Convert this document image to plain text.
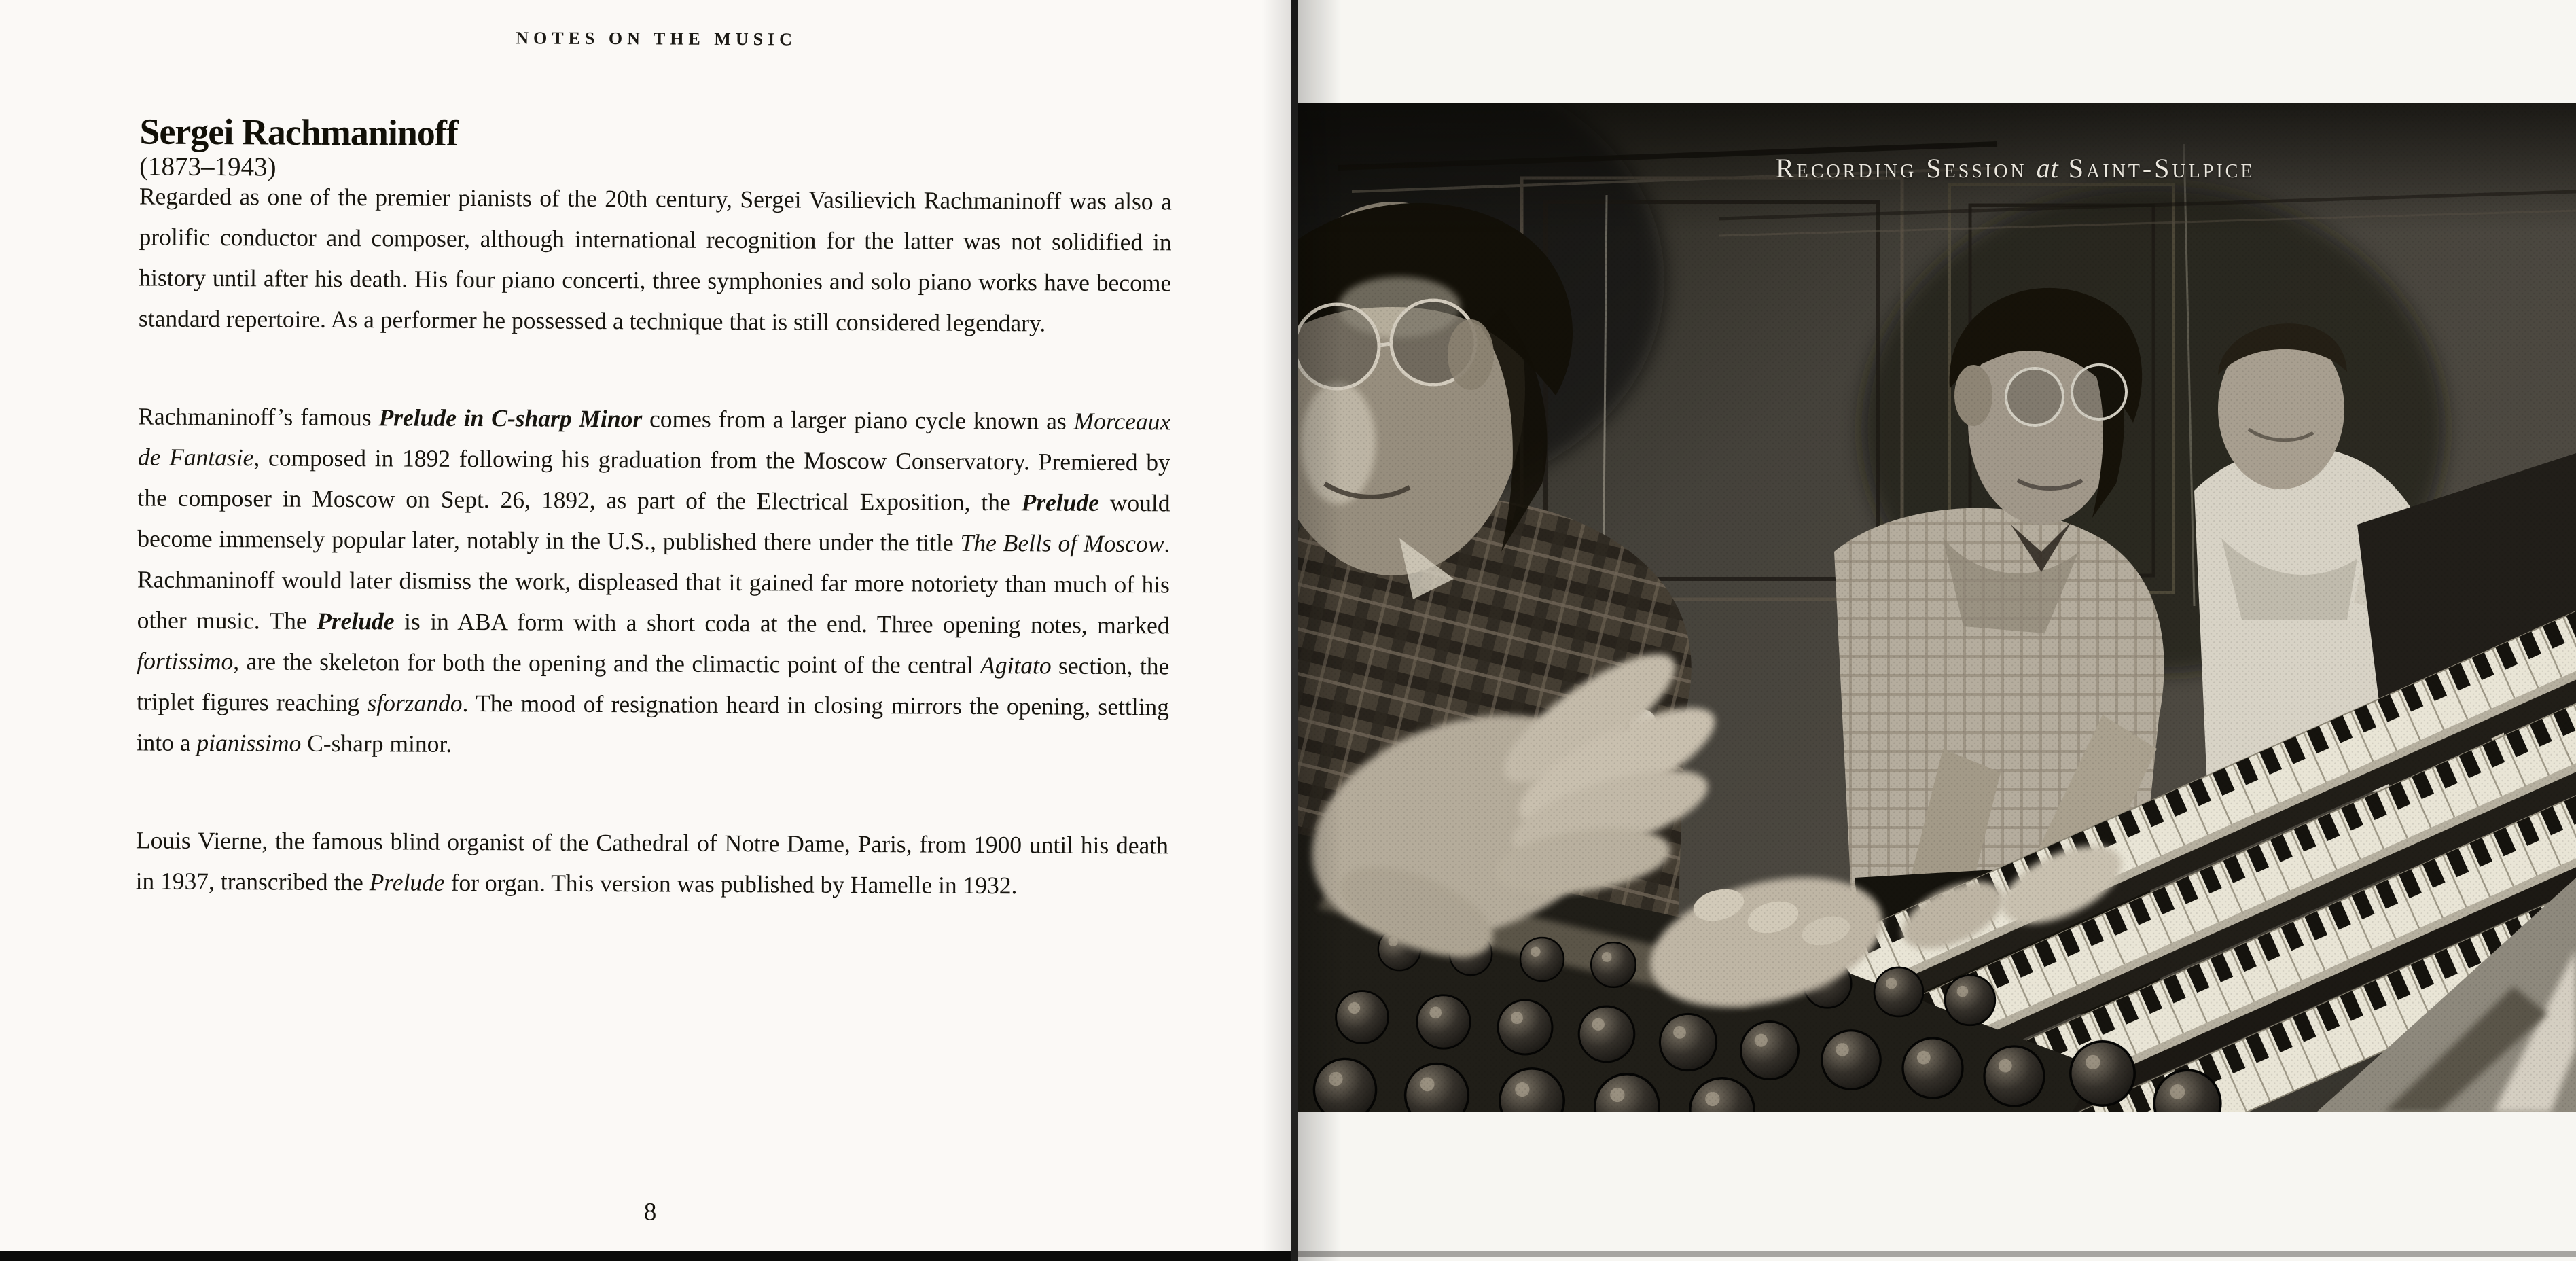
NOTES ON THE MUSIC
Sergei Rachmaninoff
(1873–1943)

Regarded as one of the premier pianists of the 20th century, Sergei Vasilievich Rachmaninoff was also a prolific conductor and composer, although international recognition for the latter was not solidified in history until after his death. His four piano concerti, three symphonies and solo piano works have become standard repertoire. As a performer he possessed a technique that is still considered legendary.

Rachmaninoff’s famous Prelude in C-sharp Minor comes from a larger piano cycle known as Morceaux de Fantasie, composed in 1892 following his graduation from the Moscow Conservatory. Premiered by the composer in Moscow on Sept. 26, 1892, as part of the Electrical Exposition, the Prelude would become immensely popular later, notably in the U.S., published there under the title The Bells of Moscow. Rachmaninoff would later dismiss the work, displeased that it gained far more notoriety than much of his other music. The Prelude is in ABA form with a short coda at the end. Three opening notes, marked fortissimo, are the skeleton for both the opening and the climactic point of the central Agitato section, the triplet figures reaching sforzando. The mood of resignation heard in closing mirrors the opening, settling into a pianissimo C-sharp minor.

Louis Vierne, the famous blind organist of the Cathedral of Notre Dame, Paris, from 1900 until his death in 1937, transcribed the Prelude for organ. This version was published by Hamelle in 1932.

8
Recording Session at Saint-Sulpice
